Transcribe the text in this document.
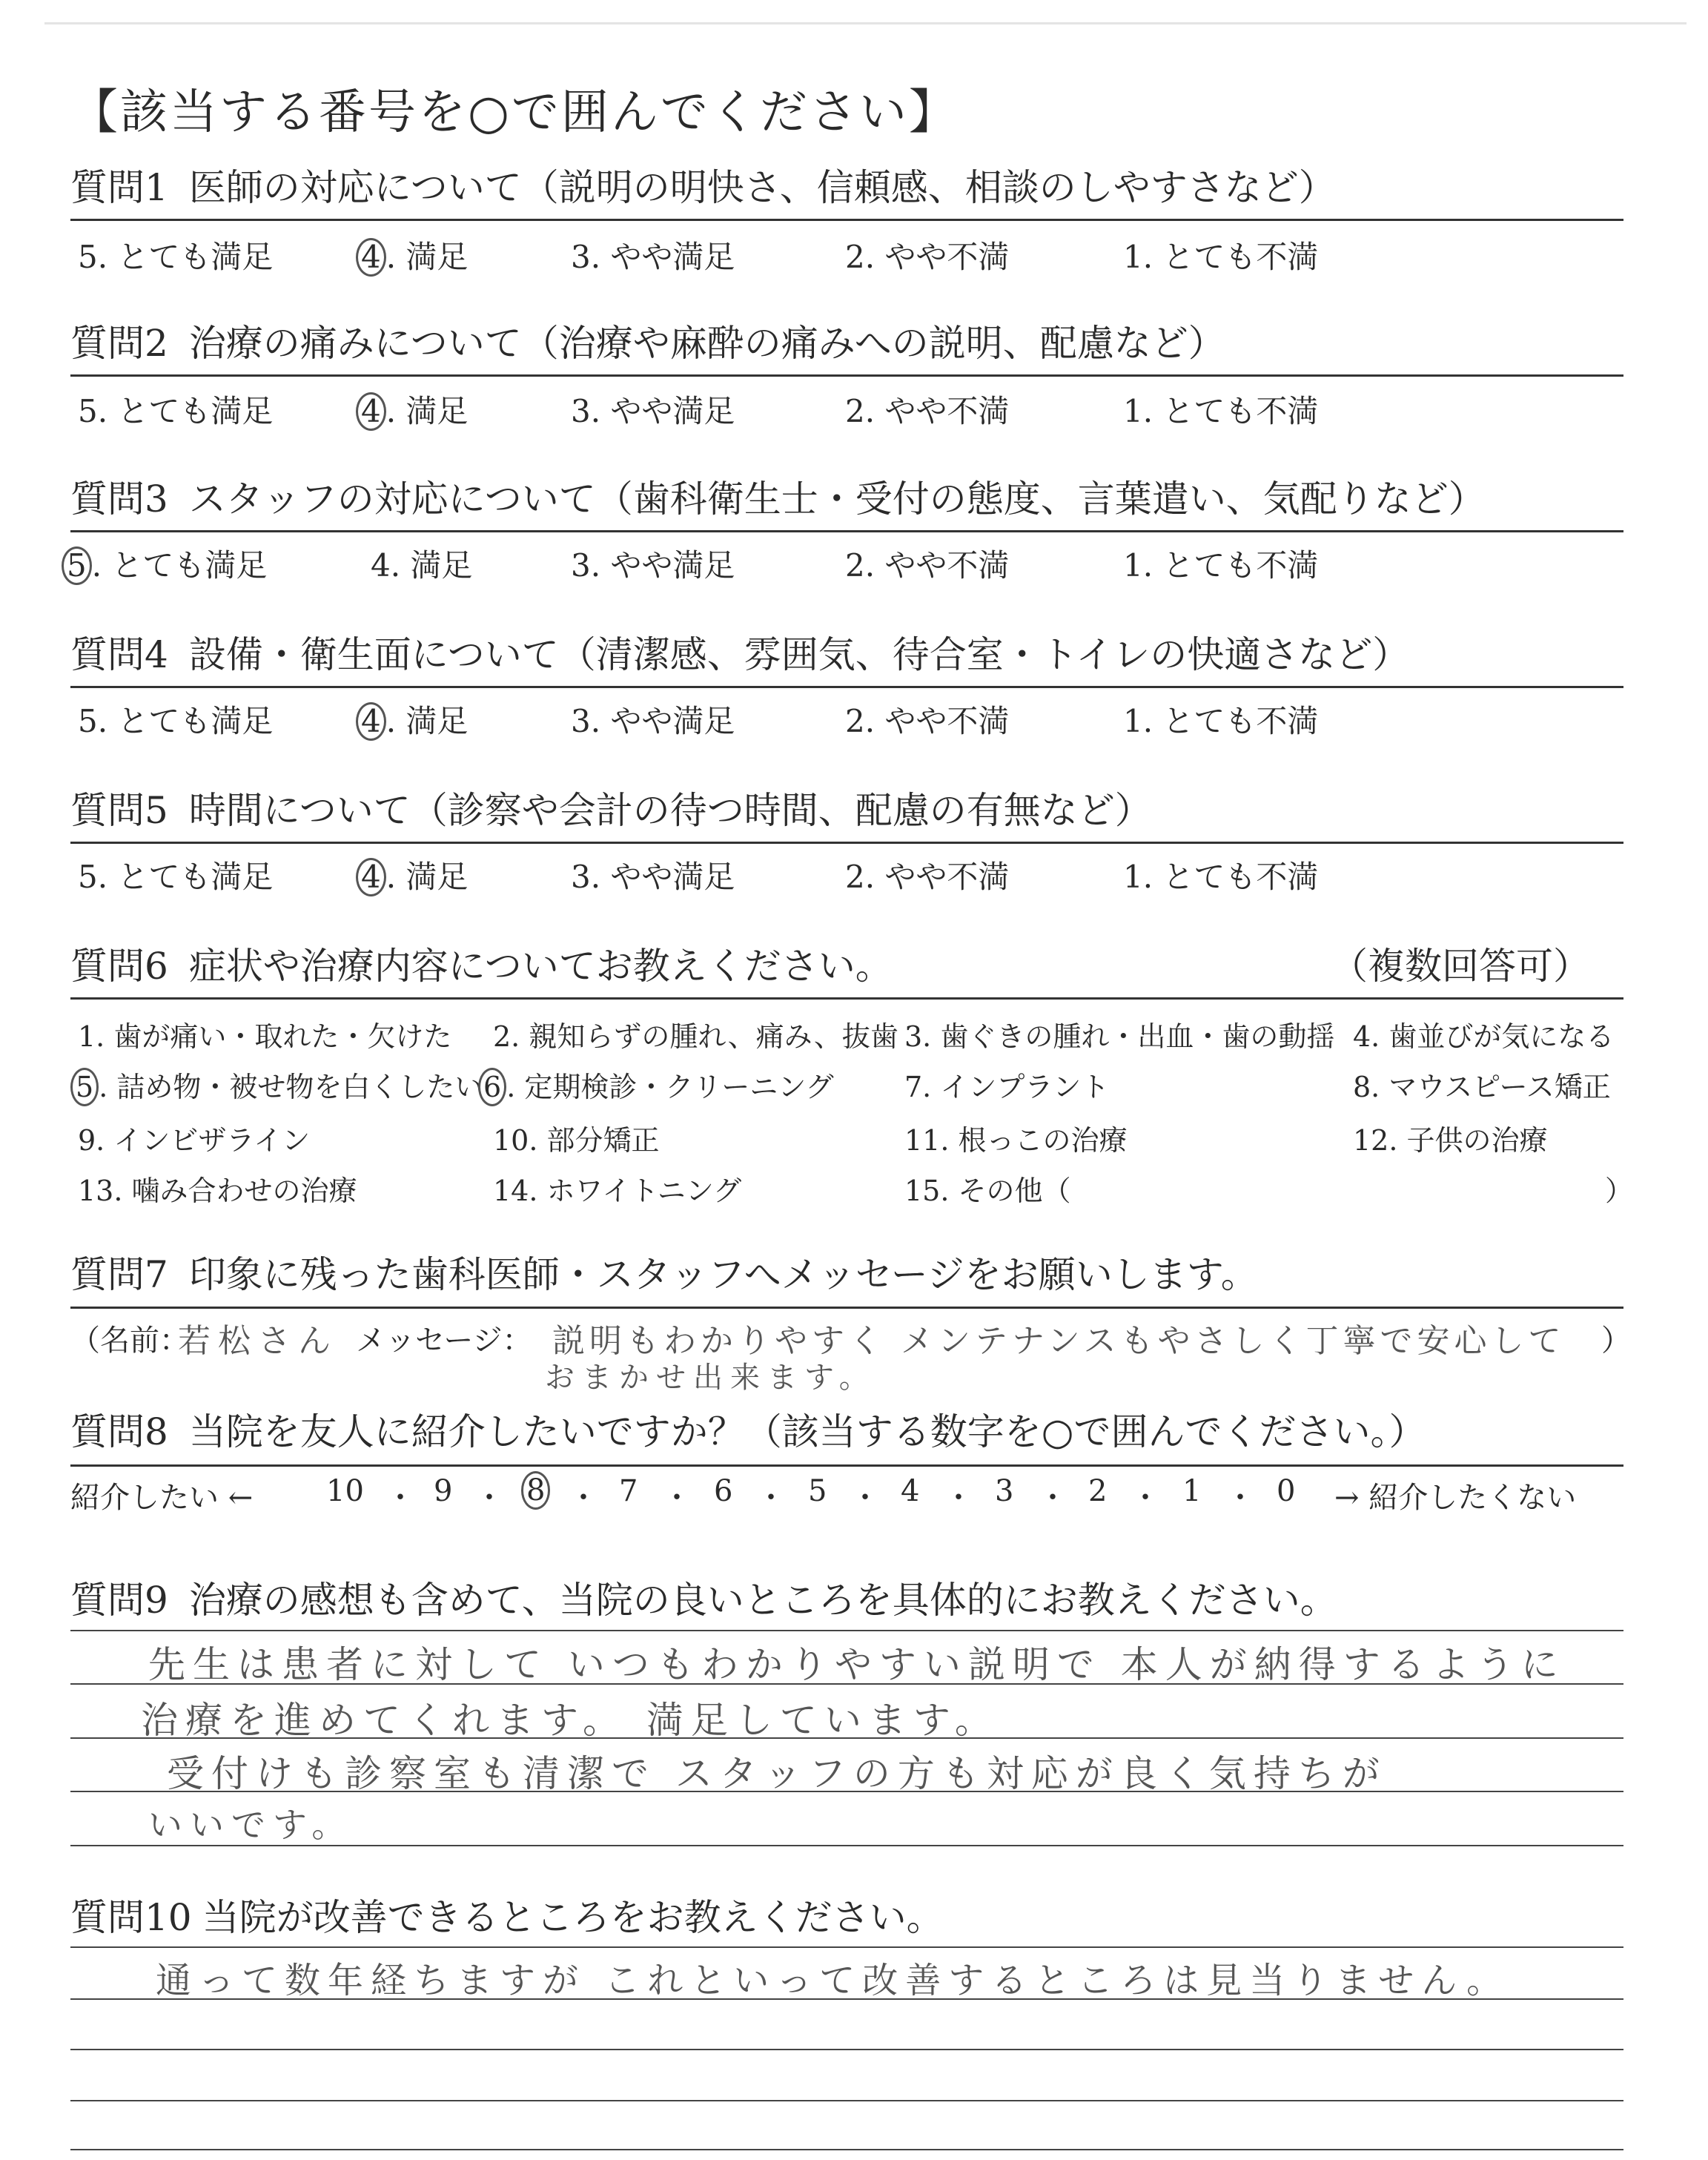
【該当する番号を○で囲んでください】
質問1 医師の対応について（説明の明快さ、信頼感、相談のしやすさなど）
5. とても満足	4 . 満足	3. やや満足	2. やや不満	1. とても不満
質問2 治療の痛みについて（治療や麻酔の痛みへの説明、配慮など）
5. とても満足	4 . 満足	3. やや満足	2. やや不満	1. とても不満
質問3 スタッフの対応について（歯科衛生士・受付の態度、言葉遣い、気配りなど）
5 . とても満足	4. 満足	3. やや満足	2. やや不満	1. とても不満
質問4 設備・衛生面について（清潔感、雰囲気、待合室・トイレの快適さなど）
5. とても満足	4 . 満足	3. やや満足	2. やや不満	1. とても不満
質問5 時間について（診察や会計の待つ時間、配慮の有無など）
5. とても満足	4 . 満足	3. やや満足	2. やや不満	1. とても不満
質問6 症状や治療内容についてお教えください。	（複数回答可）
1. 歯が痛い・取れた・欠けた 2. 親知らずの腫れ、痛み、抜歯 3. 歯ぐきの腫れ・出血・歯の動揺 4. 歯並びが気になる
5 . 詰め物・被せ物を白くしたい 6 . 定期検診・クリーニング	7. インプラント	8. マウスピース矯正
9. インビザライン	10. 部分矯正	11. 根っこの治療	12. 子供の治療
13. 噛み合わせの治療	14. ホワイトニング	15. その他（	）
質問7 印象に残った歯科医師・スタッフへメッセージをお願いします。
（名前：
若松さん メッセージ： 説明もわかりやすく メンテナンスもやさしく丁寧で安心して
おまかせ出来ます。
）
質問8 当院を友人に紹介したいですか？（該当する数字を○で囲んでください。）
紹介したい ← 10 ・ 9 ・ 8 ・ 7 ・ 6 ・ 5 ・ 4 ・ 3 ・ 2 ・ 1 ・ 0 → 紹介したくない
質問9 治療の感想も含めて、当院の良いところを具体的にお教えください。
先生は患者に対して いつもわかりやすい説明で 本人が納得するように
治療を進めてくれます。 満足しています。
受付けも診察室も清潔で スタッフの方も対応が良く気持ちが
いいです。
質問10 当院が改善できるところをお教えください。
通って数年経ちますが これといって改善するところは見当りません。
